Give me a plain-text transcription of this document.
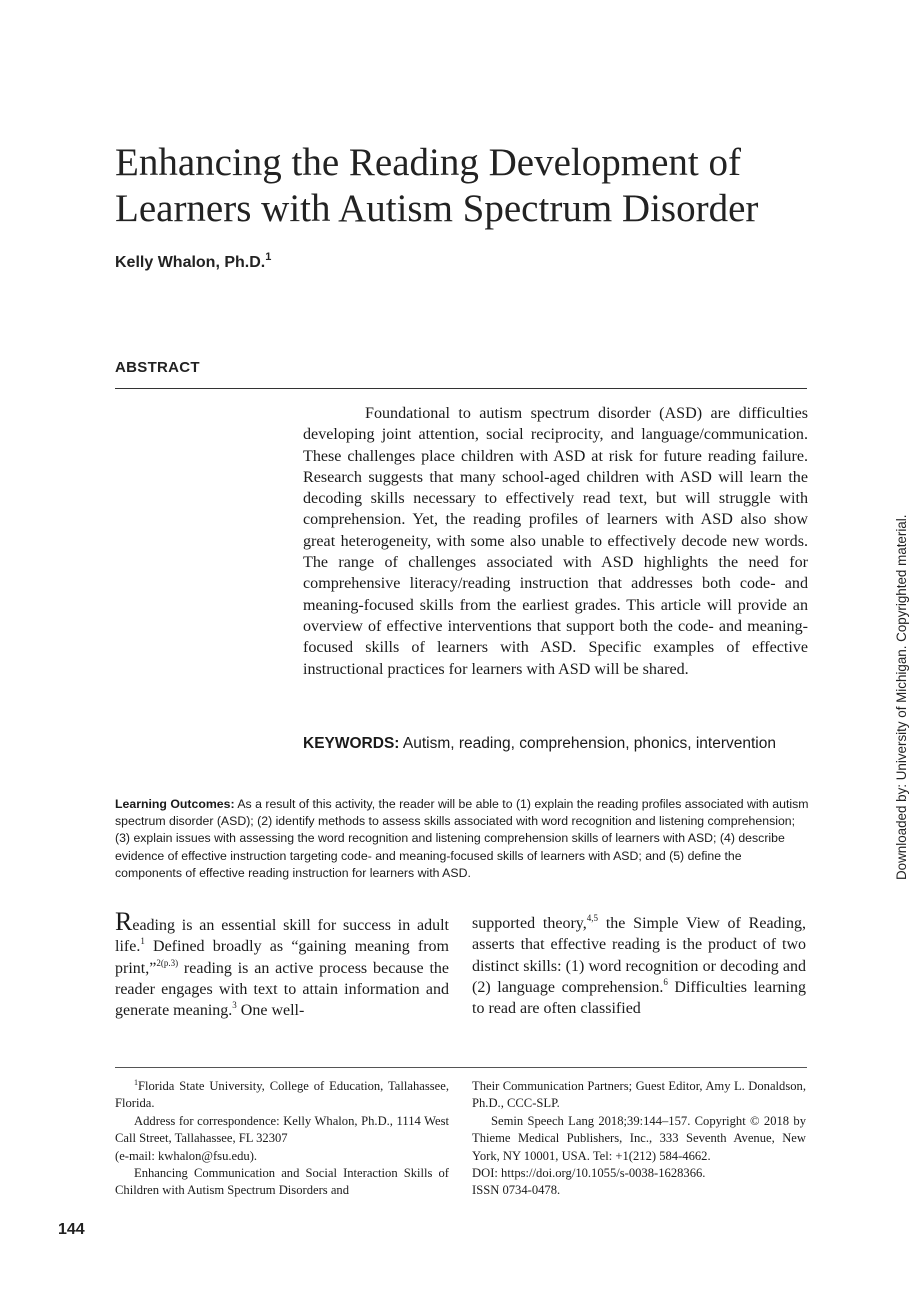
Enhancing the Reading Development of
Learners with Autism Spectrum Disorder
Kelly Whalon, Ph.D.$^1$
ABSTRACT

Foundational to autism spectrum disorder (ASD) are difficulties developing joint attention, social reciprocity, and language/communication. These challenges place children with ASD at risk for future reading failure. Research suggests that many school-aged children with ASD will learn the decoding skills necessary to effectively read text, but will struggle with comprehension. Yet, the reading profiles of learners with ASD also show great heterogeneity, with some also unable to effectively decode new words. The range of challenges associated with ASD highlights the need for comprehensive literacy/reading instruction that addresses both code- and meaning-focused skills from the earliest grades. This article will provide an overview of effective interventions that support both the code- and meaning-focused skills of learners with ASD. Specific examples of effective instructional practices for learners with ASD will be shared.

KEYWORDS: Autism, reading, comprehension, phonics, intervention

Learning Outcomes: As a result of this activity, the reader will be able to (1) explain the reading profiles associated with autism spectrum disorder (ASD); (2) identify methods to assess skills associated with word recognition and listening comprehension; (3) explain issues with assessing the word recognition and listening comprehension skills of learners with ASD; (4) describe evidence of effective instruction targeting code- and meaning-focused skills of learners with ASD; and (5) define the components of effective reading instruction for learners with ASD.

Reading is an essential skill for success in adult life.$^1$ Defined broadly as “gaining meaning from print,”$^{2(p.3)}$ reading is an active process because the reader engages with text to attain information and generate meaning.$^3$ One well-

supported theory,$^{4,5}$ the Simple View of Reading, asserts that effective reading is the product of two distinct skills: (1) word recognition or decoding and (2) language comprehension.$^6$ Difficulties learning to read are often classified

$^1$Florida State University, College of Education, Tallahassee, Florida.

Address for correspondence: Kelly Whalon, Ph.D., 1114 West Call Street, Tallahassee, FL 32307

(e-mail: kwhalon@fsu.edu).

Enhancing Communication and Social Interaction Skills of Children with Autism Spectrum Disorders and

Their Communication Partners; Guest Editor, Amy L. Donaldson, Ph.D., CCC-SLP.

Semin Speech Lang 2018;39:144–157. Copyright © 2018 by Thieme Medical Publishers, Inc., 333 Seventh Avenue, New York, NY 10001, USA. Tel: +1(212) 584-4662.

DOI: https://doi.org/10.1055/s-0038-1628366.

ISSN 0734-0478.

144
Downloaded by: University of Michigan. Copyrighted material.
